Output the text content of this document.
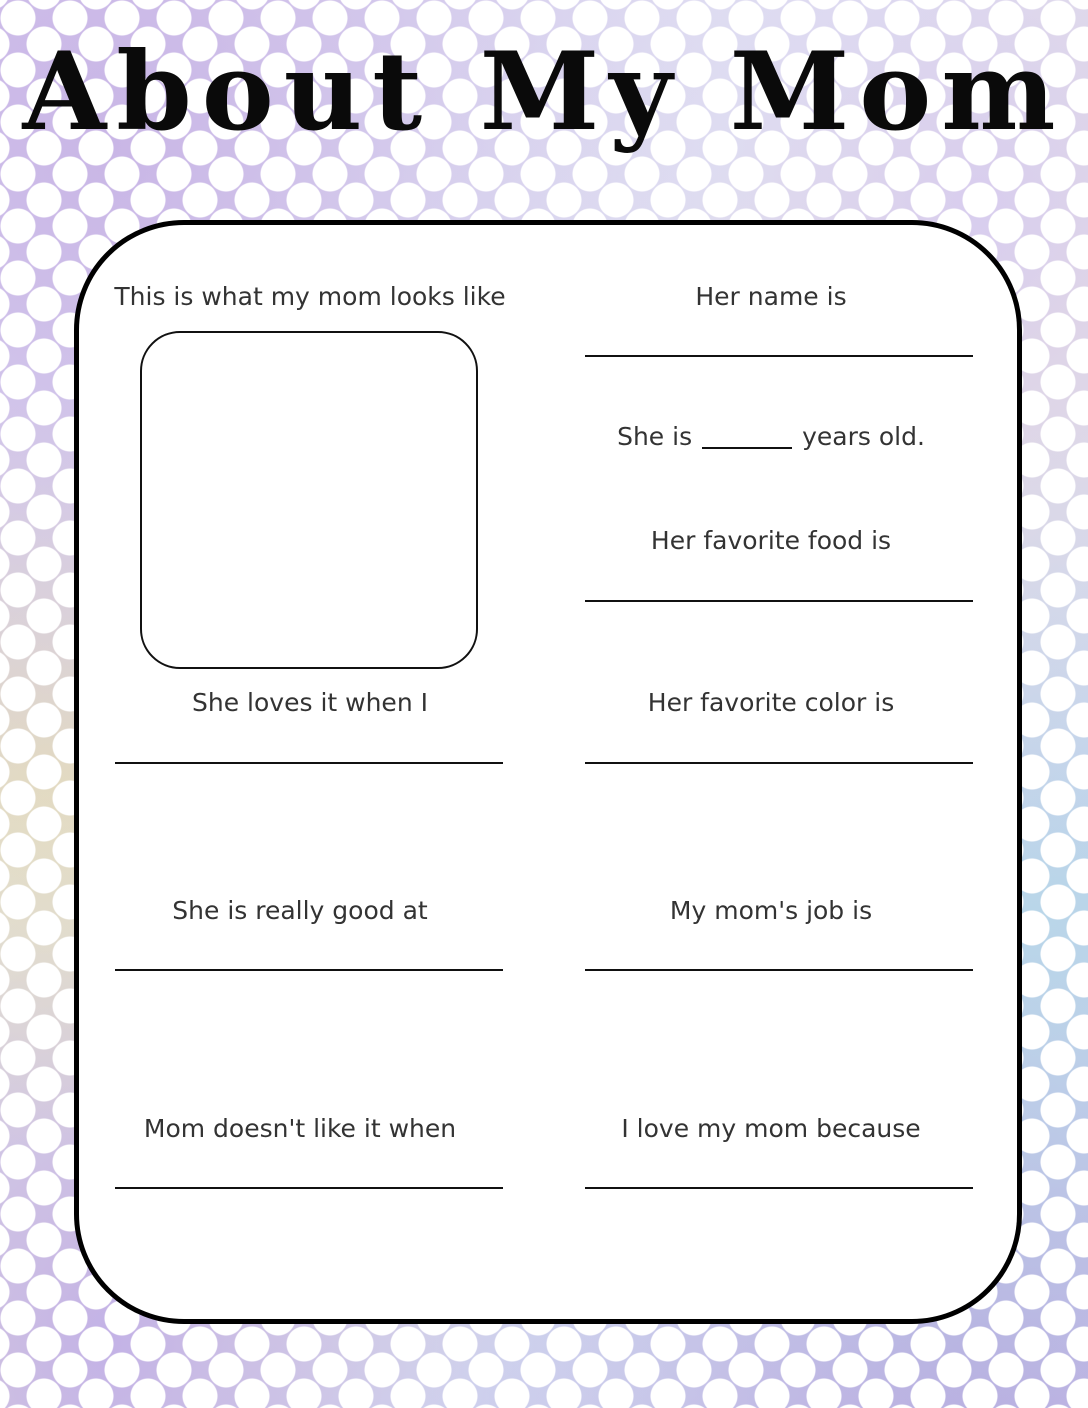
About My Mom
This is what my mom looks like
She loves it when I
She is really good at
Mom doesn't like it when
Her name is
She is	years old.
Her favorite food is
Her favorite color is
My mom's job is
I love my mom because
